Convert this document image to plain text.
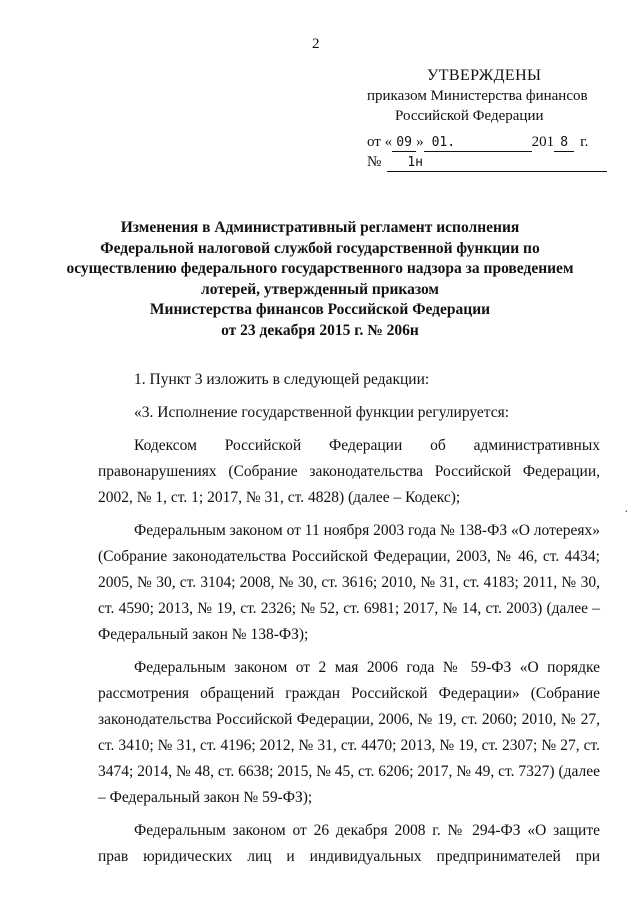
2
УТВЕРЖДЕНЫ
приказом Министерства финансов
Российской Федерации
от « 09 » 01.	201 8 г.
№	1н
Изменения в Административный регламент исполнения
Федеральной налоговой службой государственной функции по
осуществлению федерального государственного надзора за проведением
лотерей, утвержденный приказом
Министерства финансов Российской Федерации
от 23 декабря 2015 г. № 206н

1. Пункт 3 изложить в следующей редакции:

«3. Исполнение государственной функции регулируется:

Кодексом Российской Федерации об административных правонарушениях (Собрание законодательства Российской Федерации, 2002, № 1, ст. 1; 2017, № 31, ст. 4828) (далее – Кодекс);

Федеральным законом от 11 ноября 2003 года № 138-ФЗ «О лотереях» (Собрание законодательства Российской Федерации, 2003, № 46, ст. 4434; 2005, № 30, ст. 3104; 2008, № 30, ст. 3616; 2010, № 31, ст. 4183; 2011, № 30, ст. 4590; 2013, № 19, ст. 2326; № 52, ст. 6981; 2017, № 14, ст. 2003) (далее – Федеральный закон № 138-ФЗ);

Федеральным законом от 2 мая 2006 года № 59-ФЗ «О порядке рассмотрения обращений граждан Российской Федерации» (Собрание законодательства Российской Федерации, 2006, № 19, ст. 2060; 2010, № 27, ст. 3410; № 31, ст. 4196; 2012, № 31, ст. 4470; 2013, № 19, ст. 2307; № 27, ст. 3474; 2014, № 48, ст. 6638; 2015, № 45, ст. 6206; 2017, № 49, ст. 7327) (далее – Федеральный закон № 59-ФЗ);

Федеральным законом от 26 декабря 2008 г. № 294-ФЗ «О защите прав юридических лиц и индивидуальных предпринимателей при

·
